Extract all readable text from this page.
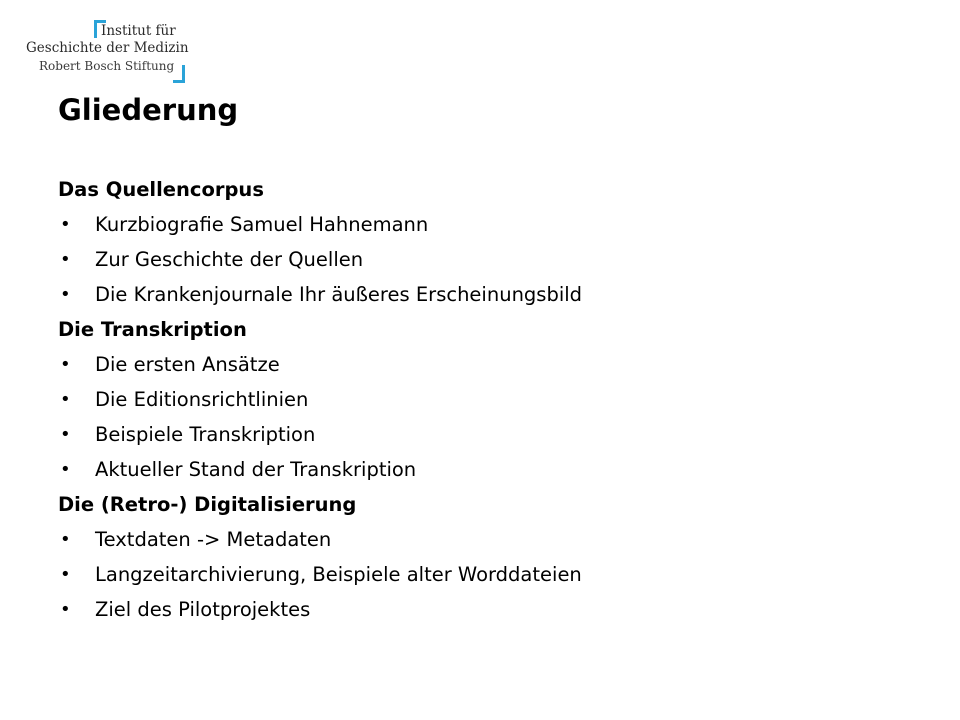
Institut für
Geschichte der Medizin
Robert Bosch Stiftung
Gliederung
Das Quellencorpus
• Kurzbiografie Samuel Hahnemann
• Zur Geschichte der Quellen
• Die Krankenjournale Ihr äußeres Erscheinungsbild
Die Transkription
• Die ersten Ansätze
• Die Editionsrichtlinien
• Beispiele Transkription
• Aktueller Stand der Transkription
Die (Retro-) Digitalisierung
• Textdaten -> Metadaten
• Langzeitarchivierung, Beispiele alter Worddateien
• Ziel des Pilotprojektes
